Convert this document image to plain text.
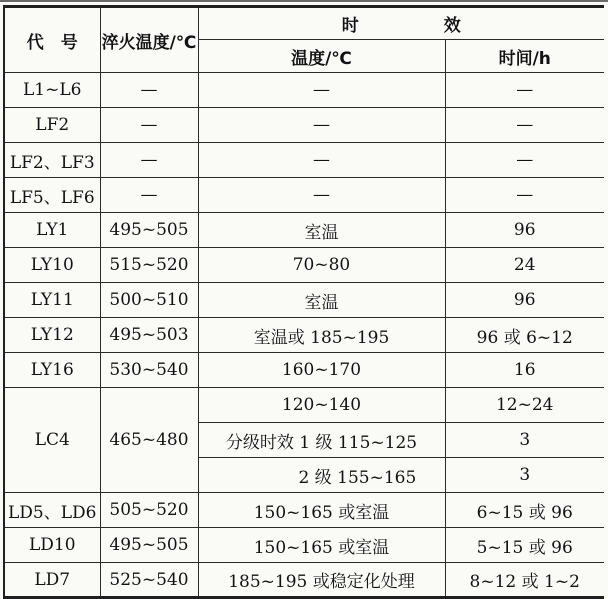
代　号	淬火温度/℃	时　　　　　效	
		温度/℃	时间/h
L1~L6	—	—	—
LF2	—	—	—
LF2、LF3	—	—	—
LF5、LF6	—	—	—
LY1	495~505	室温	96
LY10	515~520	70~80	24
LY11	500~510	室温	96
LY12	495~503	室温或 185~195	96 或 6~12
LY16	530~540	160~170	16
LC4	465~480	120~140	12~24
		分级时效 1 级 115~125	3
		2 级 155~165	3
LD5、LD6	505~520	150~165 或室温	6~15 或 96
LD10	495~505	150~165 或室温	5~15 或 96
LD7	525~540	185~195 或稳定化处理	8~12 或 1~2
